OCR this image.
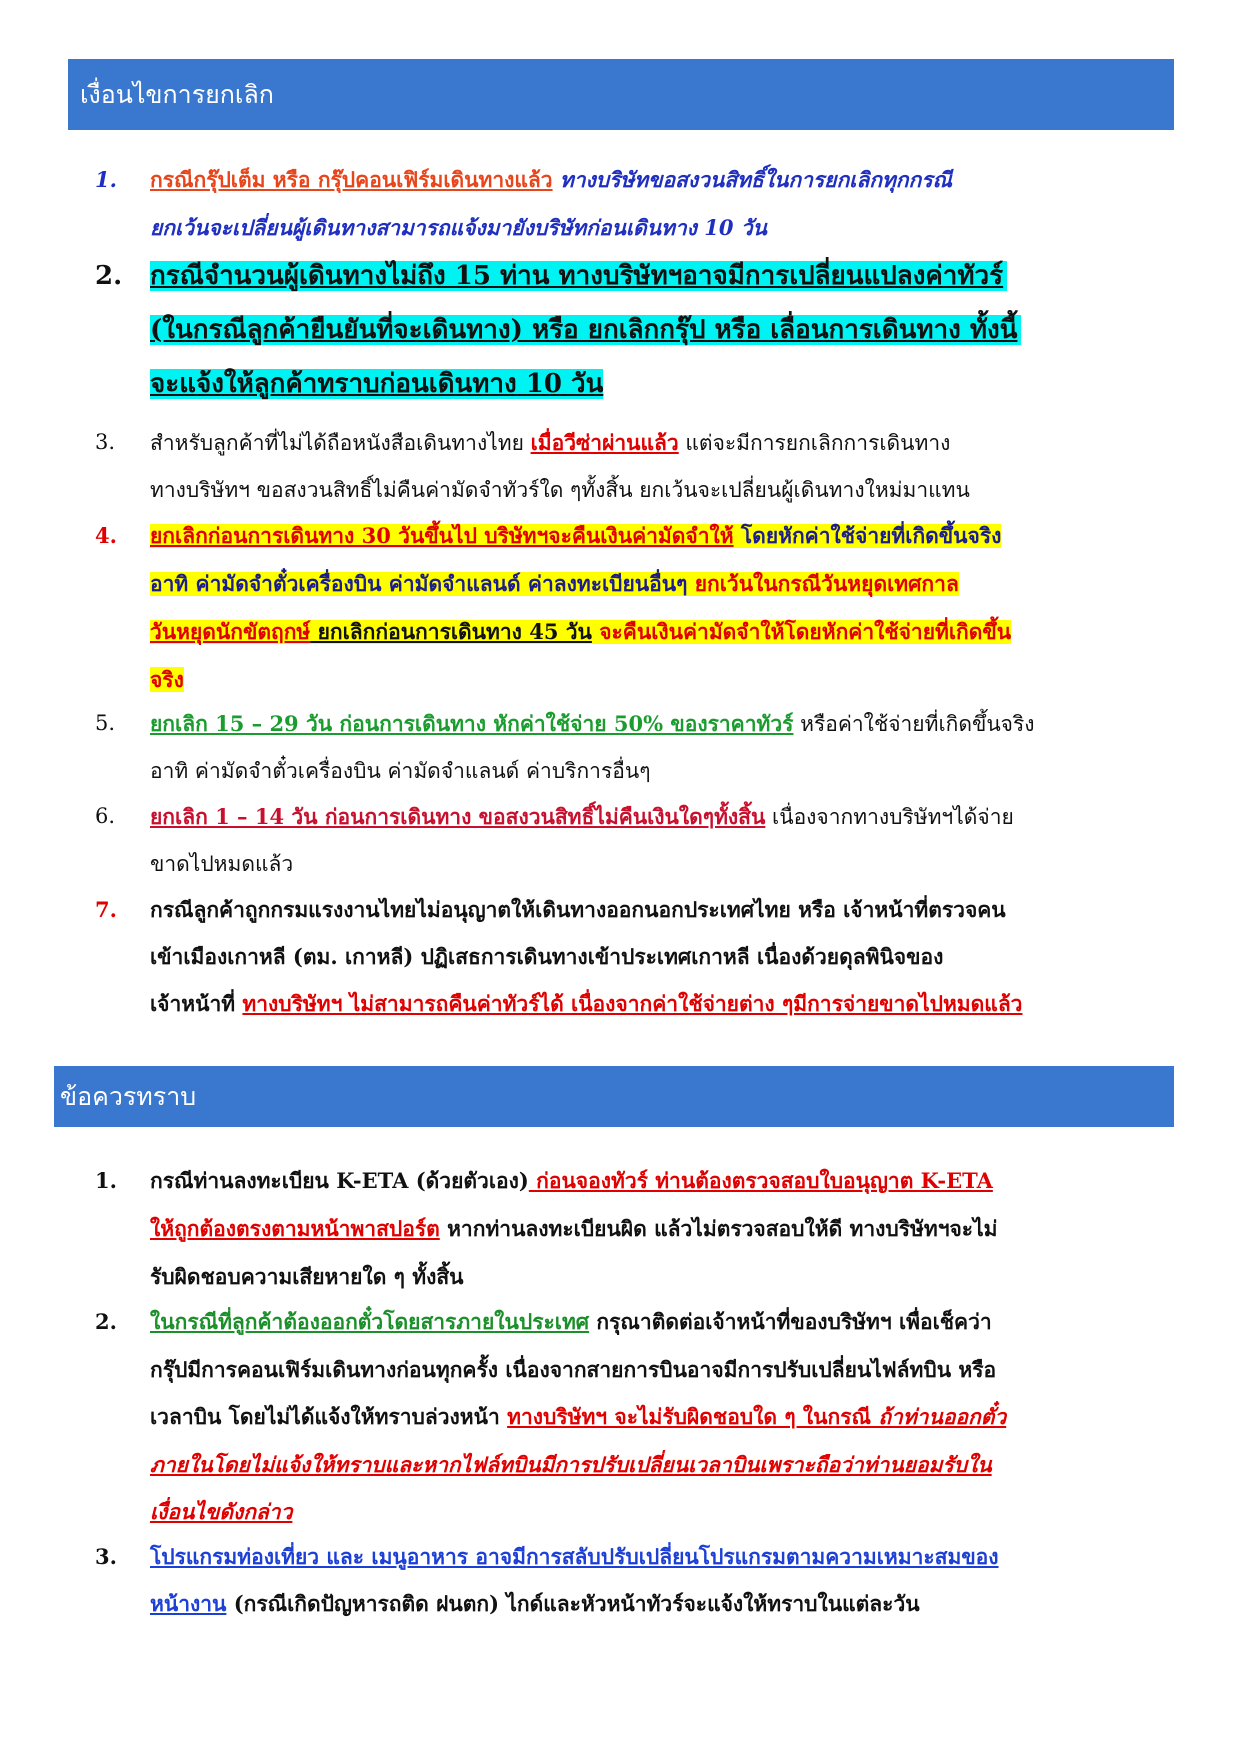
เงื่อนไขการยกเลิก
1. กรณีกรุ๊ปเต็ม หรือ กรุ๊ปคอนเฟิร์มเดินทางแล้ว ทางบริษัทขอสงวนสิทธิ์ในการยกเลิกทุกกรณี
ยกเว้นจะเปลี่ยนผู้เดินทางสามารถแจ้งมายังบริษัทก่อนเดินทาง 10 วัน
2. กรณีจำนวนผู้เดินทางไม่ถึง 15 ท่าน ทางบริษัทฯอาจมีการเปลี่ยนแปลงค่าทัวร์
(ในกรณีลูกค้ายืนยันที่จะเดินทาง) หรือ ยกเลิกกรุ๊ป หรือ เลื่อนการเดินทาง ทั้งนี้
จะแจ้งให้ลูกค้าทราบก่อนเดินทาง 10 วัน
3. สำหรับลูกค้าที่ไม่ได้ถือหนังสือเดินทางไทย เมื่อวีซ่าผ่านแล้ว แต่จะมีการยกเลิกการเดินทาง
ทางบริษัทฯ ขอสงวนสิทธิ์ไม่คืนค่ามัดจำทัวร์ใด ๆทั้งสิ้น ยกเว้นจะเปลี่ยนผู้เดินทางใหม่มาแทน
4. ยกเลิกก่อนการเดินทาง 30 วันขึ้นไป บริษัทฯจะคืนเงินค่ามัดจำให้ โดยหักค่าใช้จ่ายที่เกิดขึ้นจริง
อาทิ ค่ามัดจำตั๋วเครื่องบิน ค่ามัดจำแลนด์ ค่าลงทะเบียนอื่นๆ ยกเว้นในกรณีวันหยุดเทศกาล
วันหยุดนักขัตฤกษ์ ยกเลิกก่อนการเดินทาง 45 วัน จะคืนเงินค่ามัดจำให้โดยหักค่าใช้จ่ายที่เกิดขึ้น
จริง
5. ยกเลิก 15 – 29 วัน ก่อนการเดินทาง หักค่าใช้จ่าย 50% ของราคาทัวร์ หรือค่าใช้จ่ายที่เกิดขึ้นจริง
อาทิ ค่ามัดจำตั๋วเครื่องบิน ค่ามัดจำแลนด์ ค่าบริการอื่นๆ
6. ยกเลิก 1 – 14 วัน ก่อนการเดินทาง ขอสงวนสิทธิ์ไม่คืนเงินใดๆทั้งสิ้น เนื่องจากทางบริษัทฯได้จ่าย
ขาดไปหมดแล้ว
7. กรณีลูกค้าถูกกรมแรงงานไทยไม่อนุญาตให้เดินทางออกนอกประเทศไทย หรือ เจ้าหน้าที่ตรวจคน
เข้าเมืองเกาหลี (ตม. เกาหลี) ปฏิเสธการเดินทางเข้าประเทศเกาหลี เนื่องด้วยดุลพินิจของ
เจ้าหน้าที่ ทางบริษัทฯ ไม่สามารถคืนค่าทัวร์ได้ เนื่องจากค่าใช้จ่ายต่าง ๆมีการจ่ายขาดไปหมดแล้ว
ข้อควรทราบ
1. กรณีท่านลงทะเบียน K-ETA (ด้วยตัวเอง) ก่อนจองทัวร์ ท่านต้องตรวจสอบใบอนุญาต K-ETA
ให้ถูกต้องตรงตามหน้าพาสปอร์ต หากท่านลงทะเบียนผิด แล้วไม่ตรวจสอบให้ดี ทางบริษัทฯจะไม่
รับผิดชอบความเสียหายใด ๆ ทั้งสิ้น
2. ในกรณีที่ลูกค้าต้องออกตั๋วโดยสารภายในประเทศ กรุณาติดต่อเจ้าหน้าที่ของบริษัทฯ เพื่อเช็คว่า
กรุ๊ปมีการคอนเฟิร์มเดินทางก่อนทุกครั้ง เนื่องจากสายการบินอาจมีการปรับเปลี่ยนไฟล์ทบิน หรือ
เวลาบิน โดยไม่ได้แจ้งให้ทราบล่วงหน้า ทางบริษัทฯ จะไม่รับผิดชอบใด ๆ ในกรณี ถ้าท่านออกตั๋ว
ภายในโดยไม่แจ้งให้ทราบและหากไฟล์ทบินมีการปรับเปลี่ยนเวลาบินเพราะถือว่าท่านยอมรับใน
เงื่อนไขดังกล่าว
3. โปรแกรมท่องเที่ยว และ เมนูอาหาร อาจมีการสลับปรับเปลี่ยนโปรแกรมตามความเหมาะสมของ
หน้างาน (กรณีเกิดปัญหารถติด ฝนตก) ไกด์และหัวหน้าทัวร์จะแจ้งให้ทราบในแต่ละวัน
